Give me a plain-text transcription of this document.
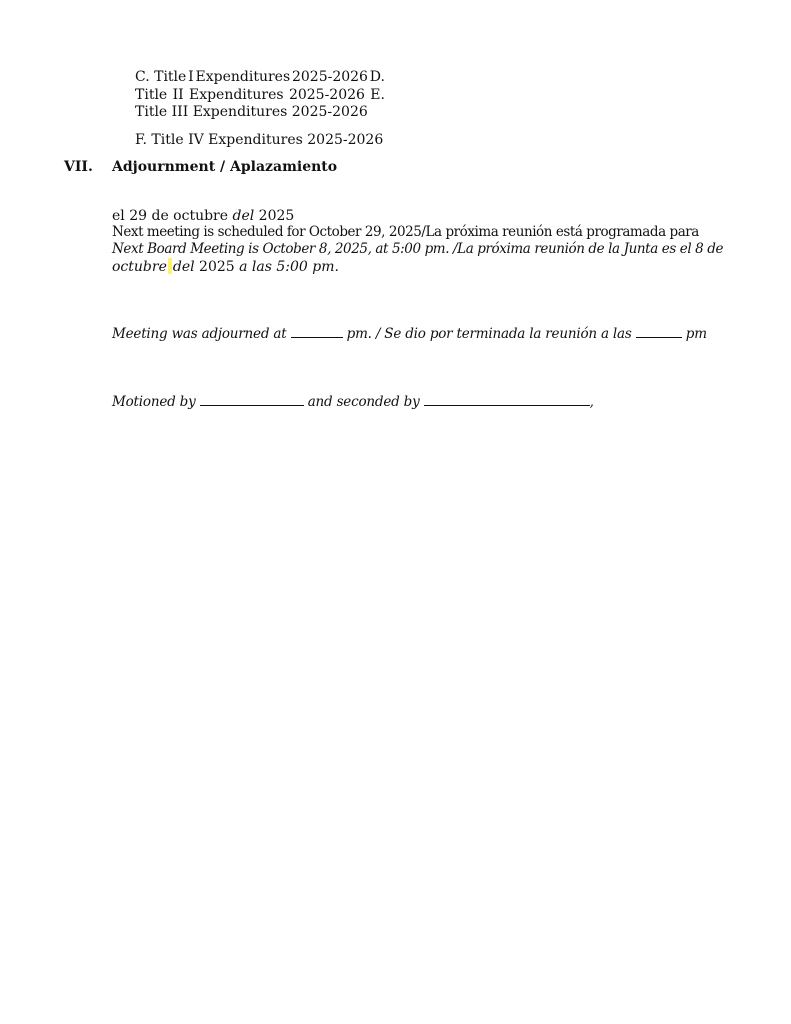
C. Title I Expenditures 2025-2026 D.
Title II Expenditures 2025-2026 E.
Title III Expenditures 2025-2026
F. Title IV Expenditures 2025-2026
VII. Adjournment / Aplazamiento
el 29 de octubre del 2025
Next meeting is scheduled for October 29, 2025/La próxima reunión está programada para
Next Board Meeting is October 8, 2025, at 5:00 pm. /La próxima reunión de la Junta es el 8 de
octubre del 2025 a las 5:00 pm.
Meeting was adjourned at	pm. / Se dio por terminada la reunión a las	pm
Motioned by	and seconded by	,
